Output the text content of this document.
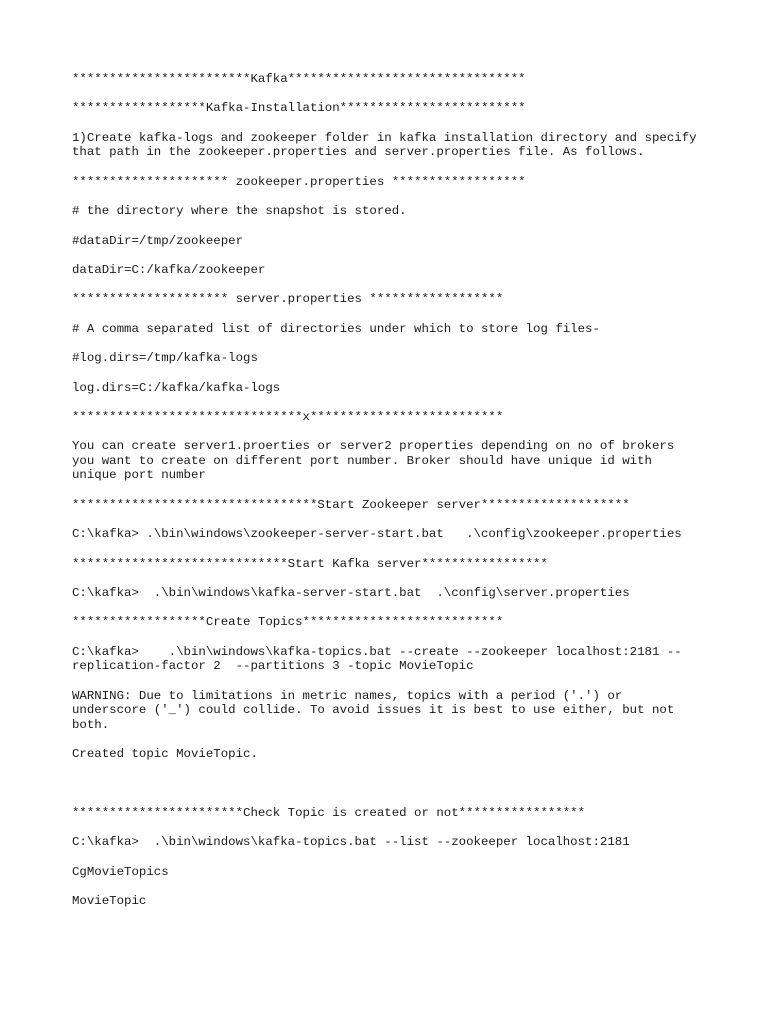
************************Kafka********************************

******************Kafka-Installation*************************

1)Create kafka-logs and zookeeper folder in kafka installation directory and specify that path in the zookeeper.properties and server.properties file. As follows.

********************* zookeeper.properties ******************

# the directory where the snapshot is stored.

#dataDir=/tmp/zookeeper

dataDir=C:/kafka/zookeeper

********************* server.properties ******************

# A comma separated list of directories under which to store log files-

#log.dirs=/tmp/kafka-logs

log.dirs=C:/kafka/kafka-logs

*******************************x**************************

You can create server1.proerties or server2 properties depending on no of brokers you want to create on different port number. Broker should have unique id with unique port number

*********************************Start Zookeeper server********************

C:\kafka> .\bin\windows\zookeeper-server-start.bat   .\config\zookeeper.properties

*****************************Start Kafka server*****************

C:\kafka>  .\bin\windows\kafka-server-start.bat  .\config\server.properties

******************Create Topics***************************

C:\kafka>    .\bin\windows\kafka-topics.bat --create --zookeeper localhost:2181 --replication-factor 2  --partitions 3 -topic MovieTopic

WARNING: Due to limitations in metric names, topics with a period ('.') or underscore ('_') could collide. To avoid issues it is best to use either, but not both.

Created topic MovieTopic.

***********************Check Topic is created or not*****************

C:\kafka>  .\bin\windows\kafka-topics.bat --list --zookeeper localhost:2181

CgMovieTopics

MovieTopic
